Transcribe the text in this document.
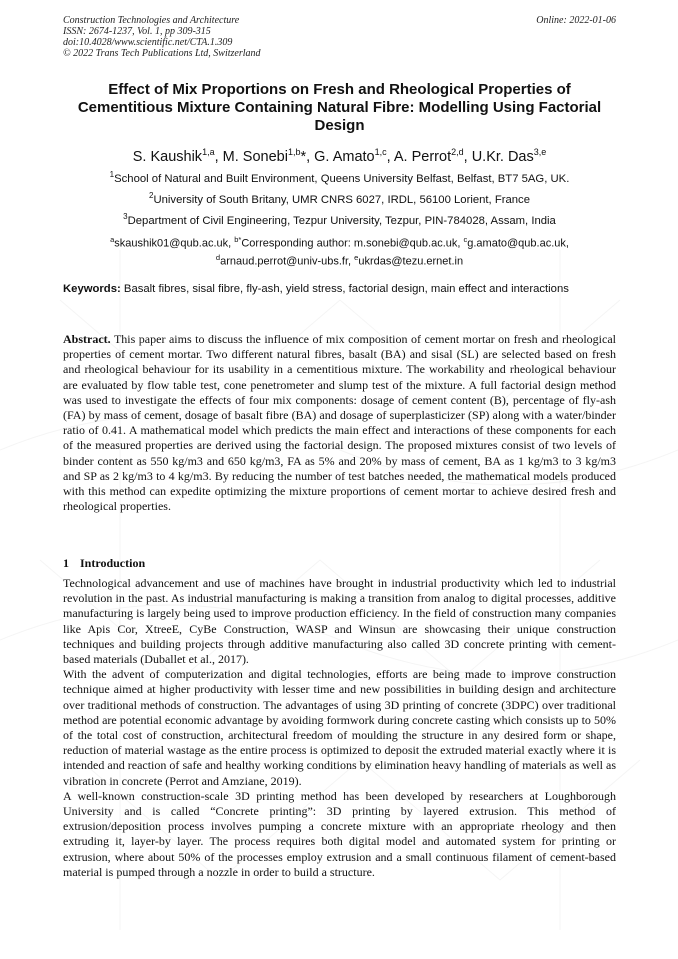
Construction Technologies and Architecture
ISSN: 2674-1237, Vol. 1, pp 309-315
doi:10.4028/www.scientific.net/CTA.1.309
© 2022 Trans Tech Publications Ltd, Switzerland
Online: 2022-01-06
Effect of Mix Proportions on Fresh and Rheological Properties of Cementitious Mixture Containing Natural Fibre: Modelling Using Factorial Design
S. Kaushik$^{1,a}$, M. Sonebi$^{1,b}$*, G. Amato$^{1,c}$, A. Perrot$^{2,d}$, U.Kr. Das$^{3,e}$
$^1$School of Natural and Built Environment, Queens University Belfast, Belfast, BT7 5AG, UK.
$^2$University of South Britany, UMR CNRS 6027, IRDL, 56100 Lorient, France
$^3$Department of Civil Engineering, Tezpur University, Tezpur, PIN-784028, Assam, India
$^a$skaushik01@qub.ac.uk, $^{b*}$Corresponding author: m.sonebi@qub.ac.uk, $^c$g.amato@qub.ac.uk,
$^d$arnaud.perrot@univ-ubs.fr, $^e$ukrdas@tezu.ernet.in
Keywords: Basalt fibres, sisal fibre, fly-ash, yield stress, factorial design, main effect and interactions
Abstract. This paper aims to discuss the influence of mix composition of cement mortar on fresh and rheological properties of cement mortar. Two different natural fibres, basalt (BA) and sisal (SL) are selected based on fresh and rheological behaviour for its usability in a cementitious mixture. The workability and rheological behaviour are evaluated by flow table test, cone penetrometer and slump test of the mixture. A full factorial design method was used to investigate the effects of four mix components: dosage of cement content (B), percentage of fly-ash (FA) by mass of cement, dosage of basalt fibre (BA) and dosage of superplasticizer (SP) along with a water/binder ratio of 0.41. A mathematical model which predicts the main effect and interactions of these components for each of the measured properties are derived using the factorial design. The proposed mixtures consist of two levels of binder content as 550 kg/m3 and 650 kg/m3, FA as 5% and 20% by mass of cement, BA as 1 kg/m3 to 3 kg/m3 and SP as 2 kg/m3 to 4 kg/m3. By reducing the number of test batches needed, the mathematical models produced with this method can expedite optimizing the mixture proportions of cement mortar to achieve desired fresh and rheological properties.
1 Introduction

Technological advancement and use of machines have brought in industrial productivity which led to industrial revolution in the past. As industrial manufacturing is making a transition from analog to digital processes, additive manufacturing is largely being used to improve production efficiency. In the field of construction many companies like Apis Cor, XtreeE, CyBe Construction, WASP and Winsun are showcasing their unique construction techniques and building projects through additive manufacturing also called 3D concrete printing with cement-based materials (Duballet et al., 2017).

With the advent of computerization and digital technologies, efforts are being made to improve construction technique aimed at higher productivity with lesser time and new possibilities in building design and architecture over traditional methods of construction. The advantages of using 3D printing of concrete (3DPC) over traditional method are potential economic advantage by avoiding formwork during concrete casting which consists up to 50% of the total cost of construction, architectural freedom of moulding the structure in any desired form or shape, reduction of material wastage as the entire process is optimized to deposit the extruded material exactly where it is intended and reaction of safe and healthy working conditions by elimination heavy handling of materials as well as vibration in concrete (Perrot and Amziane, 2019).

A well-known construction-scale 3D printing method has been developed by researchers at Loughborough University and is called “Concrete printing”: 3D printing by layered extrusion. This method of extrusion/deposition process involves pumping a concrete mixture with an appropriate rheology and then extruding it, layer-by layer. The process requires both digital model and automated system for printing or extrusion, where about 50% of the processes employ extrusion and a small continuous filament of cement-based material is pumped through a nozzle in order to build a structure.
